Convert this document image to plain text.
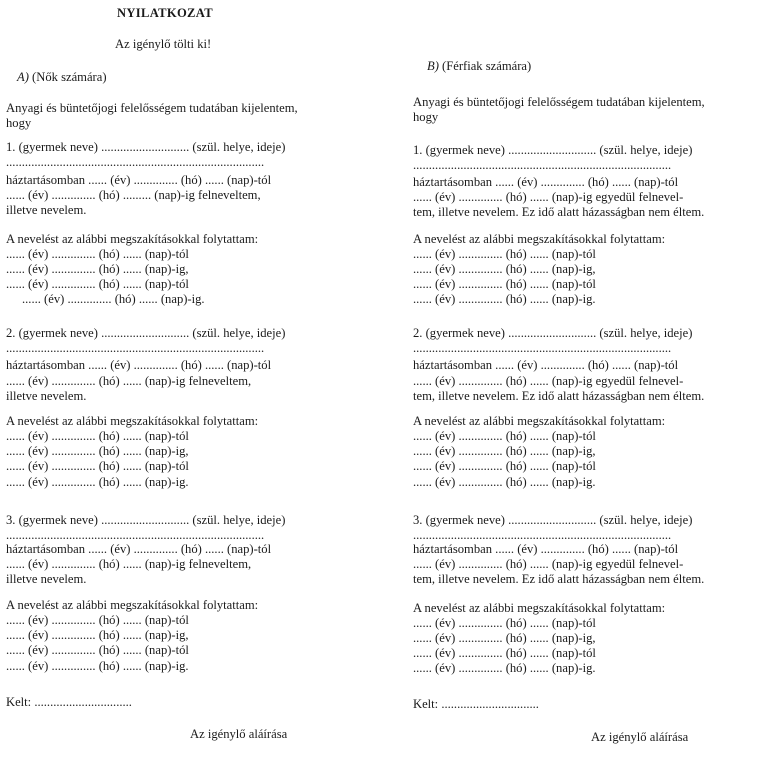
NYILATKOZAT
Az igénylő tölti ki!
A) (Nők számára)
B) (Férfiak számára)
Anyagi és büntetőjogi felelősségem tudatában kijelentem,
hogy
1. (gyermek neve) ............................ (szül. helye, ideje)
..................................................................................
háztartásomban ...... (év) .............. (hó) ...... (nap)-tól
...... (év) .............. (hó) ......... (nap)-ig felneveltem,
illetve nevelem.
A nevelést az alábbi megszakításokkal folytattam:
...... (év) .............. (hó) ...... (nap)-tól
...... (év) .............. (hó) ...... (nap)-ig,
...... (év) .............. (hó) ...... (nap)-tól
...... (év) .............. (hó) ...... (nap)-ig.
2. (gyermek neve) ............................ (szül. helye, ideje)
..................................................................................
háztartásomban ...... (év) .............. (hó) ...... (nap)-tól
...... (év) .............. (hó) ...... (nap)-ig felneveltem,
illetve nevelem.
A nevelést az alábbi megszakításokkal folytattam:
...... (év) .............. (hó) ...... (nap)-tól
...... (év) .............. (hó) ...... (nap)-ig,
...... (év) .............. (hó) ...... (nap)-tól
...... (év) .............. (hó) ...... (nap)-ig.
3. (gyermek neve) ............................ (szül. helye, ideje)
..................................................................................
háztartásomban ...... (év) .............. (hó) ...... (nap)-tól
...... (év) .............. (hó) ...... (nap)-ig felneveltem,
illetve nevelem.
A nevelést az alábbi megszakításokkal folytattam:
...... (év) .............. (hó) ...... (nap)-tól
...... (év) .............. (hó) ...... (nap)-ig,
...... (év) .............. (hó) ...... (nap)-tól
...... (év) .............. (hó) ...... (nap)-ig.
Kelt: ...............................
Az igénylő aláírása
Anyagi és büntetőjogi felelősségem tudatában kijelentem,
hogy
1. (gyermek neve) ............................ (szül. helye, ideje)
..................................................................................
háztartásomban ...... (év) .............. (hó) ...... (nap)-tól
...... (év) .............. (hó) ...... (nap)-ig egyedül felnevel-
tem, illetve nevelem. Ez idő alatt házasságban nem éltem.
A nevelést az alábbi megszakításokkal folytattam:
...... (év) .............. (hó) ...... (nap)-tól
...... (év) .............. (hó) ...... (nap)-ig,
...... (év) .............. (hó) ...... (nap)-tól
...... (év) .............. (hó) ...... (nap)-ig.
2. (gyermek neve) ............................ (szül. helye, ideje)
..................................................................................
háztartásomban ...... (év) .............. (hó) ...... (nap)-tól
...... (év) .............. (hó) ...... (nap)-ig egyedül felnevel-
tem, illetve nevelem. Ez idő alatt házasságban nem éltem.
A nevelést az alábbi megszakításokkal folytattam:
...... (év) .............. (hó) ...... (nap)-tól
...... (év) .............. (hó) ...... (nap)-ig,
...... (év) .............. (hó) ...... (nap)-tól
...... (év) .............. (hó) ...... (nap)-ig.
3. (gyermek neve) ............................ (szül. helye, ideje)
..................................................................................
háztartásomban ...... (év) .............. (hó) ...... (nap)-tól
...... (év) .............. (hó) ...... (nap)-ig egyedül felnevel-
tem, illetve nevelem. Ez idő alatt házasságban nem éltem.
A nevelést az alábbi megszakításokkal folytattam:
...... (év) .............. (hó) ...... (nap)-tól
...... (év) .............. (hó) ...... (nap)-ig,
...... (év) .............. (hó) ...... (nap)-tól
...... (év) .............. (hó) ...... (nap)-ig.
Kelt: ...............................
Az igénylő aláírása
